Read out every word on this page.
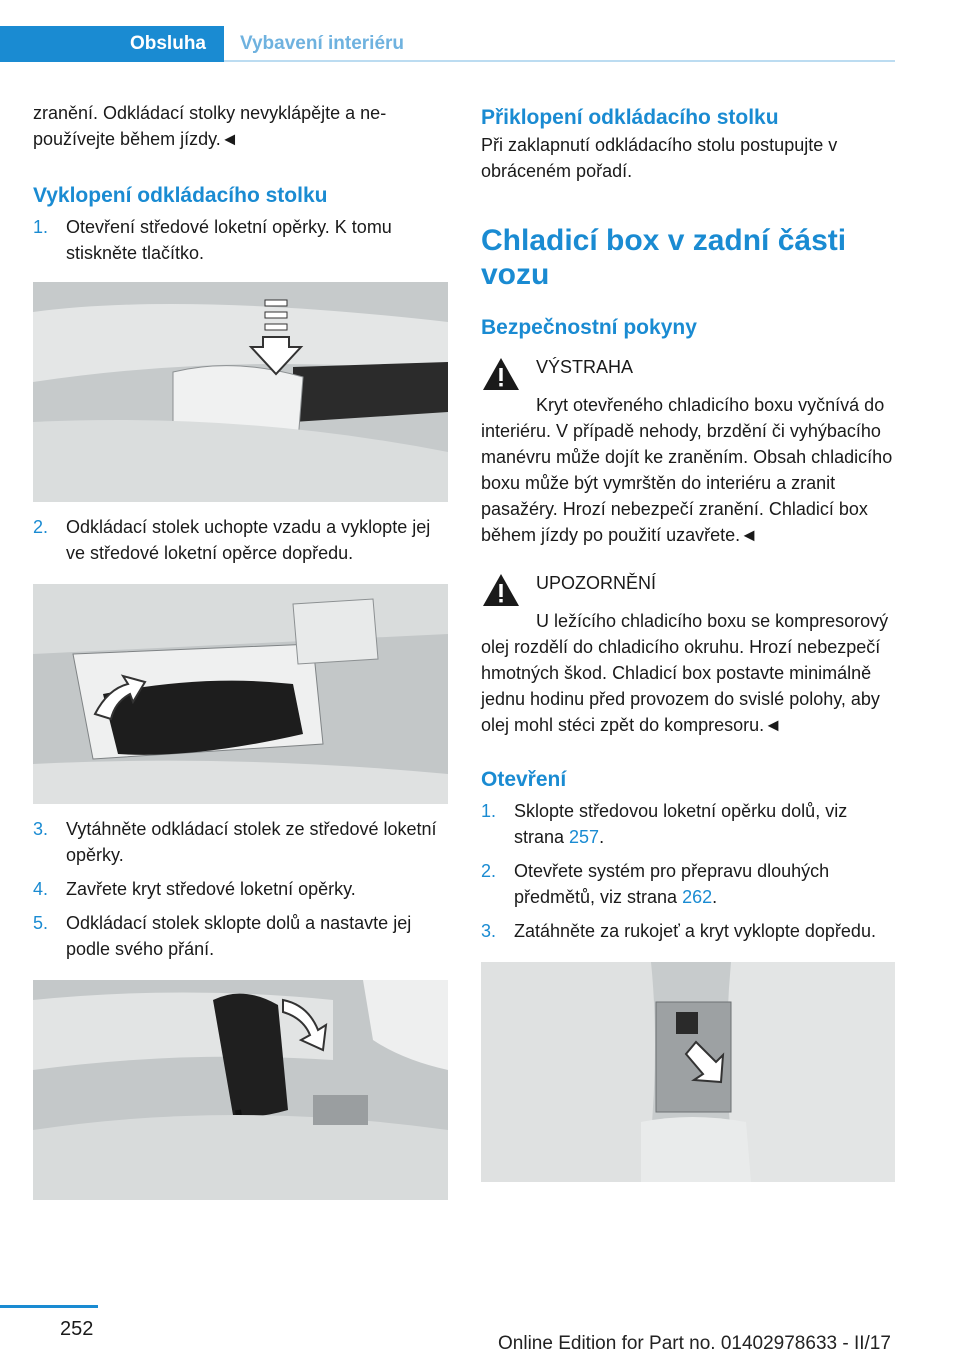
Obsluha	Vybavení interiéru

zranění. Odkládací stolky nevyklápějte a nepoužívejte během jízdy.◄

Vyklopení odkládacího stolku
1. Otevření středové loketní opěrky. K tomu stiskněte tlačítko.
2. Odkládací stolek uchopte vzadu a vyklopte jej ve středové loketní opěrce dopředu.
3. Vytáhněte odkládací stolek ze středové loketní opěrky.
4. Zavřete kryt středové loketní opěrky.
5. Odkládací stolek sklopte dolů a nastavte jej podle svého přání.
Přiklopení odkládacího stolku

Při zaklapnutí odkládacího stolu postupujte v obráceném pořadí.

Chladicí box v zadní části vozu
Bezpečnostní pokyny

VÝSTRAHA

Kryt otevřeného chladicího boxu vyčnívá do interiéru. V případě nehody, brzdění či vyhýbacího manévru může dojít ke zraněním. Obsah chladicího boxu může být vymrštěn do interiéru a zranit pasažéry. Hrozí nebezpečí zranění. Chladicí box během jízdy po použití uzavřete.◄

UPOZORNĚNÍ

U ležícího chladicího boxu se kompresorový olej rozdělí do chladicího okruhu. Hrozí nebezpečí hmotných škod. Chladicí box postavte minimálně jednu hodinu před provozem do svislé polohy, aby olej mohl stéci zpět do kompresoru.◄

Otevření
1. Sklopte středovou loketní opěrku dolů, viz strana 257.
2. Otevřete systém pro přepravu dlouhých předmětů, viz strana 262.
3. Zatáhněte za rukojeť a kryt vyklopte dopředu.
252
Online Edition for Part no. 01402978633 - II/17
